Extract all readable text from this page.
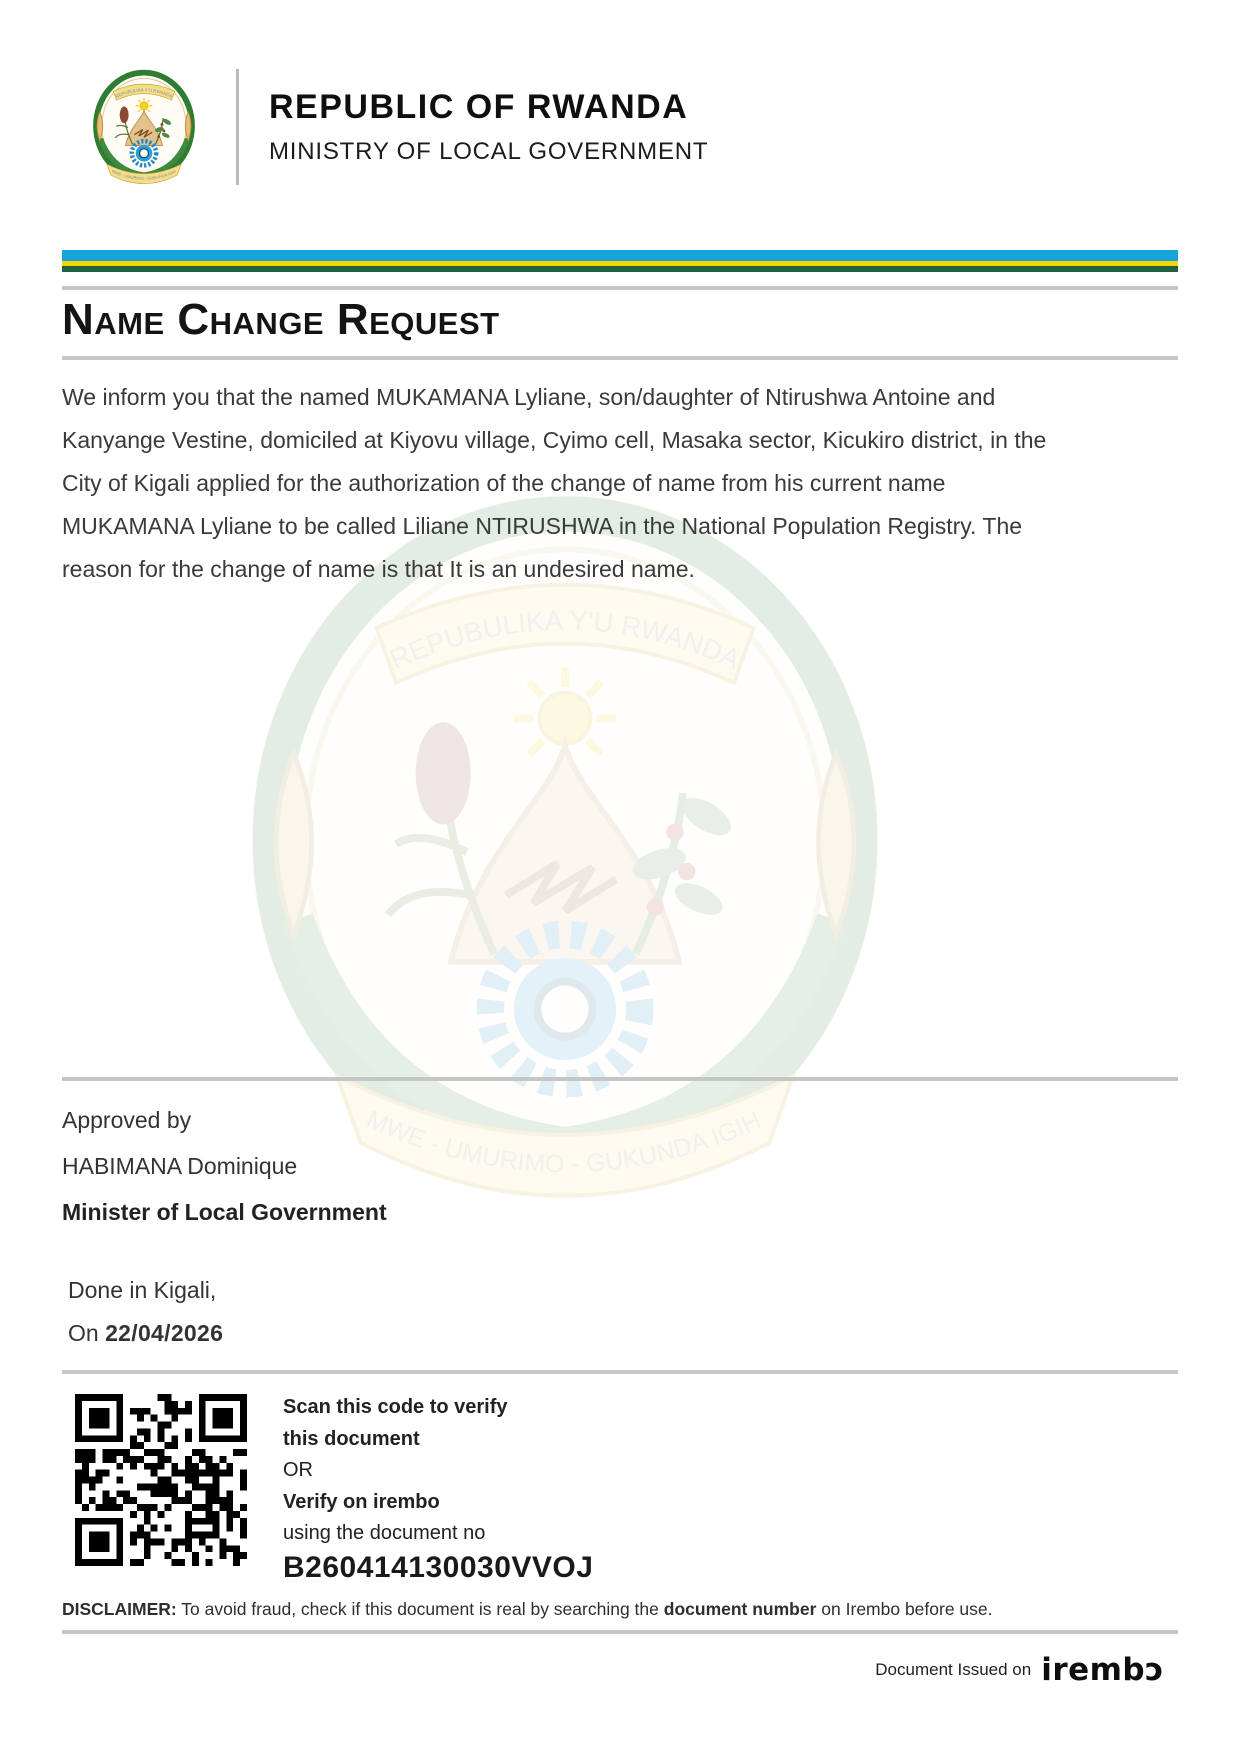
REPUBLIC OF RWANDA
MINISTRY OF LOCAL GOVERNMENT
Name Change Request

We inform you that the named MUKAMANA Lyliane, son/daughter of Ntirushwa Antoine and Kanyange Vestine, domiciled at Kiyovu village, Cyimo cell, Masaka sector, Kicukiro district, in the City of Kigali applied for the authorization of the change of name from his current name MUKAMANA Lyliane to be called Liliane NTIRUSHWA in the National Population Registry. The reason for the change of name is that It is an undesired name.

Approved by
HABIMANA Dominique
Minister of Local Government
Done in Kigali,
On 22/04/2026
Scan this code to verify
this document
OR
Verify on irembo
using the document no
B260414130030VVOJ
DISCLAIMER: To avoid fraud, check if this document is real by searching the document number on Irembo before use.
Document Issued on irembɔ
